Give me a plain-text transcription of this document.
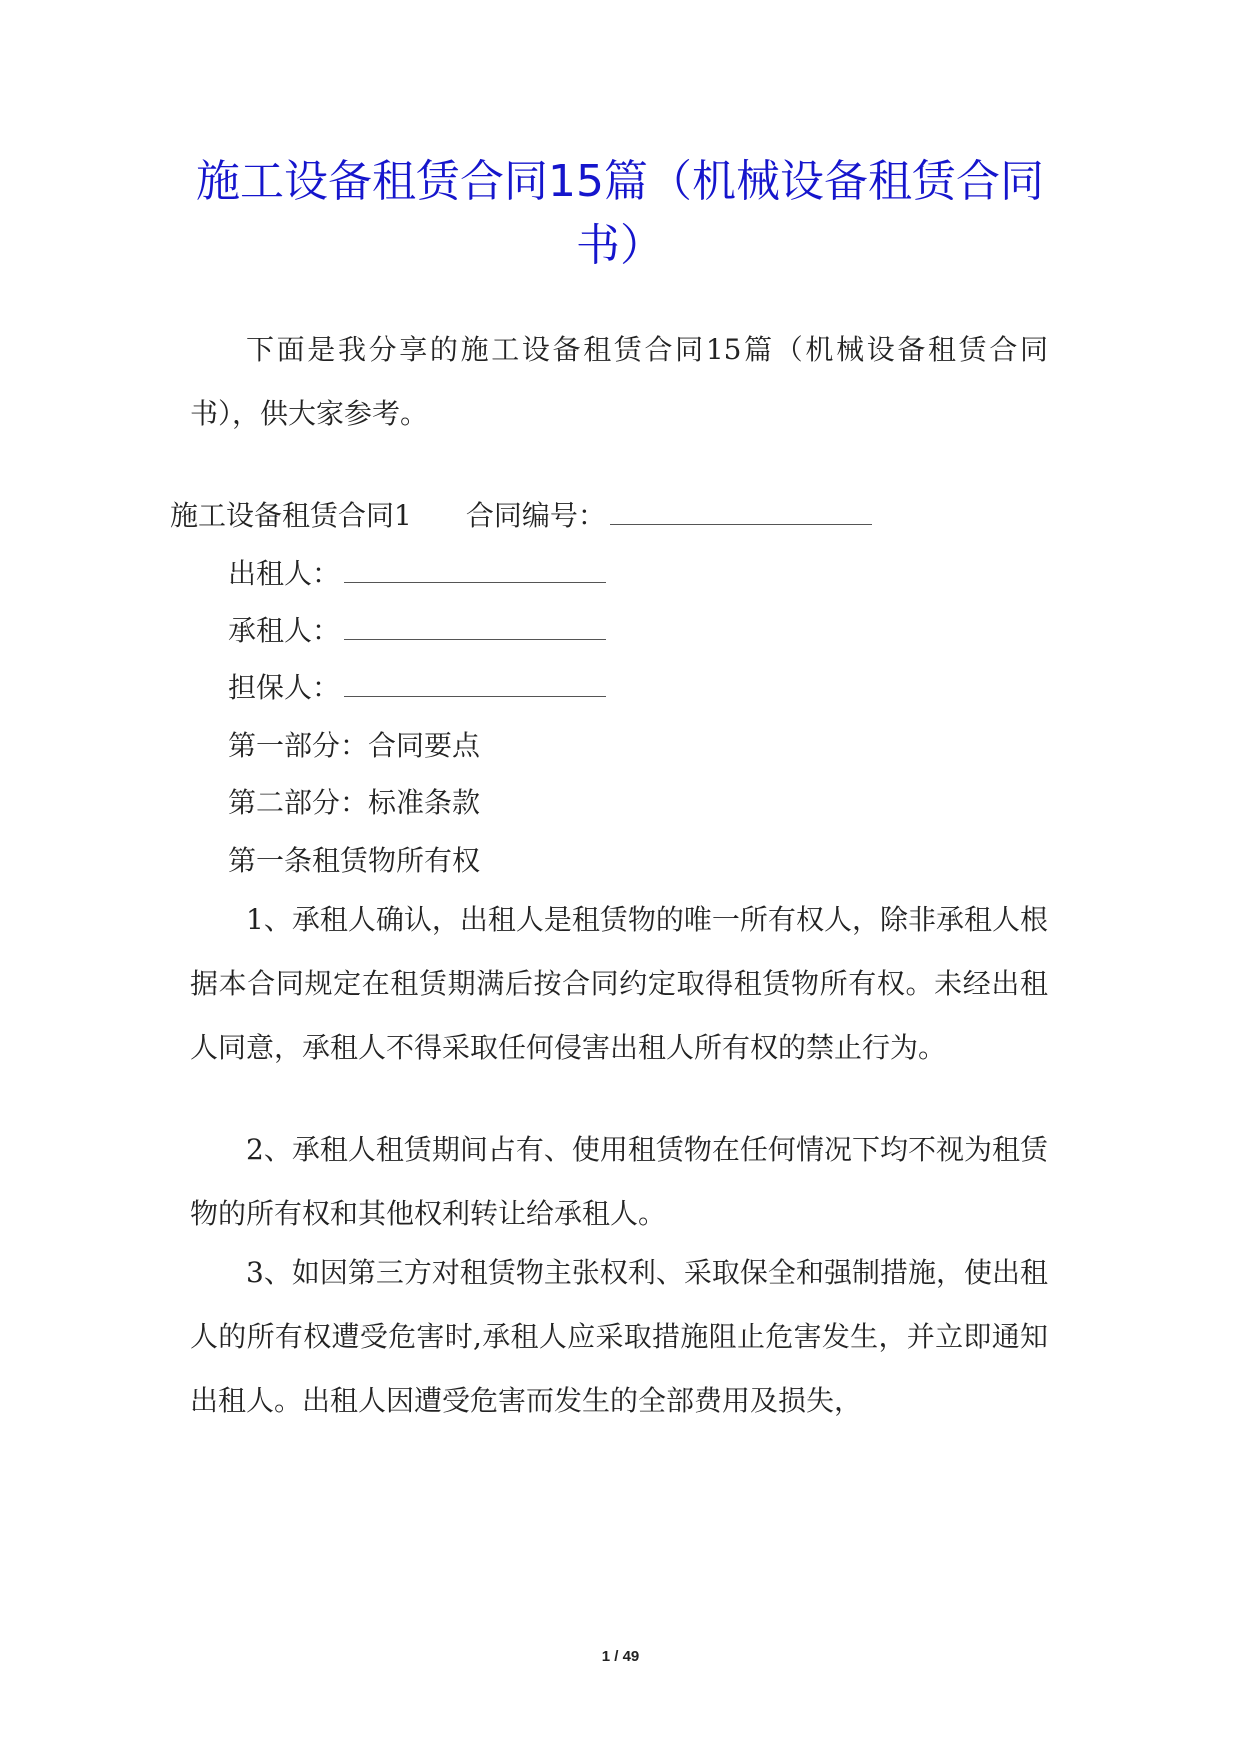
施工设备租赁合同15篇（机械设备租赁合同书）

下面是我分享的施工设备租赁合同15篇（机械设备租赁合同书），供大家参考。

施工设备租赁合同1 合同编号：
出租人：
承租人：
担保人：
第一部分：合同要点
第二部分：标准条款
第一条租赁物所有权

1、承租人确认，出租人是租赁物的唯一所有权人，除非承租人根据本合同规定在租赁期满后按合同约定取得租赁物所有权。未经出租人同意，承租人不得采取任何侵害出租人所有权的禁止行为。

2、承租人租赁期间占有、使用租赁物在任何情况下均不视为租赁物的所有权和其他权利转让给承租人。

3、如因第三方对租赁物主张权利、采取保全和强制措施，使出租人的所有权遭受危害时,承租人应采取措施阻止危害发生，并立即通知出租人。出租人因遭受危害而发生的全部费用及损失，

1 / 49
